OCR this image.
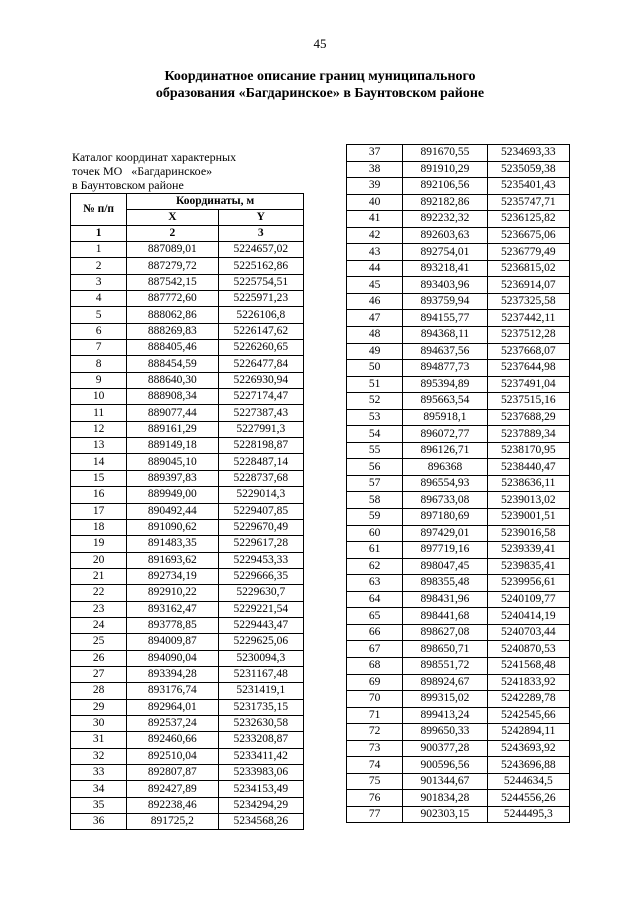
45
Координатное описание границ муниципального
образования «Багдаринское» в Баунтовском районе
Каталог координат характерных
точек МО   «Багдаринское»
в Баунтовском районе
№ п/п	Координаты, м	
	X	Y
1	2	3
1	887089,01	5224657,02
2	887279,72	5225162,86
3	887542,15	5225754,51
4	887772,60	5225971,23
5	888062,86	5226106,8
6	888269,83	5226147,62
7	888405,46	5226260,65
8	888454,59	5226477,84
9	888640,30	5226930,94
10	888908,34	5227174,47
11	889077,44	5227387,43
12	889161,29	5227991,3
13	889149,18	5228198,87
14	889045,10	5228487,14
15	889397,83	5228737,68
16	889949,00	5229014,3
17	890492,44	5229407,85
18	891090,62	5229670,49
19	891483,35	5229617,28
20	891693,62	5229453,33
21	892734,19	5229666,35
22	892910,22	5229630,7
23	893162,47	5229221,54
24	893778,85	5229443,47
25	894009,87	5229625,06
26	894090,04	5230094,3
27	893394,28	5231167,48
28	893176,74	5231419,1
29	892964,01	5231735,15
30	892537,24	5232630,58
31	892460,66	5233208,87
32	892510,04	5233411,42
33	892807,87	5233983,06
34	892427,89	5234153,49
35	892238,46	5234294,29
36	891725,2	5234568,26
37	891670,55	5234693,33
38	891910,29	5235059,38
39	892106,56	5235401,43
40	892182,86	5235747,71
41	892232,32	5236125,82
42	892603,63	5236675,06
43	892754,01	5236779,49
44	893218,41	5236815,02
45	893403,96	5236914,07
46	893759,94	5237325,58
47	894155,77	5237442,11
48	894368,11	5237512,28
49	894637,56	5237668,07
50	894877,73	5237644,98
51	895394,89	5237491,04
52	895663,54	5237515,16
53	895918,1	5237688,29
54	896072,77	5237889,34
55	896126,71	5238170,95
56	896368	5238440,47
57	896554,93	5238636,11
58	896733,08	5239013,02
59	897180,69	5239001,51
60	897429,01	5239016,58
61	897719,16	5239339,41
62	898047,45	5239835,41
63	898355,48	5239956,61
64	898431,96	5240109,77
65	898441,68	5240414,19
66	898627,08	5240703,44
67	898650,71	5240870,53
68	898551,72	5241568,48
69	898924,67	5241833,92
70	899315,02	5242289,78
71	899413,24	5242545,66
72	899650,33	5242894,11
73	900377,28	5243693,92
74	900596,56	5243696,88
75	901344,67	5244634,5
76	901834,28	5244556,26
77	902303,15	5244495,3
